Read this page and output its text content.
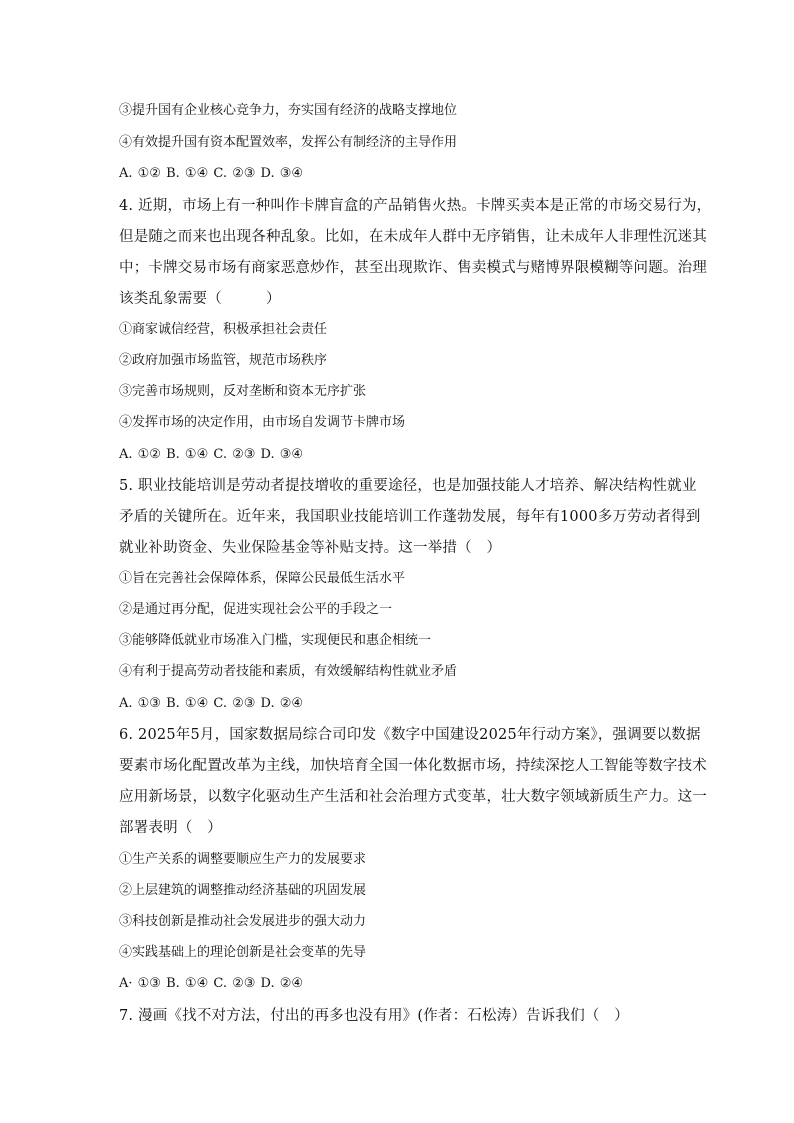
③提升国有企业核心竞争力，夯实国有经济的战略支撑地位

④有效提升国有资本配置效率，发挥公有制经济的主导作用

A. ①② B. ①④ C. ②③ D. ③④

4. 近期，市场上有一种叫作卡牌盲盒的产品销售火热。卡牌买卖本是正常的市场交易行为，

但是随之而来也出现各种乱象。比如，在未成年人群中无序销售，让未成年人非理性沉迷其

中；卡牌交易市场有商家恶意炒作，甚至出现欺诈、售卖模式与赌博界限模糊等问题。治理

该类乱象需要（　　　）

①商家诚信经营，积极承担社会责任

②政府加强市场监管，规范市场秩序

③完善市场规则，反对垄断和资本无序扩张

④发挥市场的决定作用，由市场自发调节卡牌市场

A. ①② B. ①④ C. ②③ D. ③④

5. 职业技能培训是劳动者提技增收的重要途径，也是加强技能人才培养、解决结构性就业

矛盾的关键所在。近年来，我国职业技能培训工作蓬勃发展，每年有1000多万劳动者得到

就业补助资金、失业保险基金等补贴支持。这一举措（　）

①旨在完善社会保障体系，保障公民最低生活水平

②是通过再分配，促进实现社会公平的手段之一

③能够降低就业市场准入门槛，实现便民和惠企相统一

④有利于提高劳动者技能和素质，有效缓解结构性就业矛盾

A. ①③ B. ①④ C. ②③ D. ②④

6. 2025年5月，国家数据局综合司印发《数字中国建设2025年行动方案》，强调要以数据

要素市场化配置改革为主线，加快培育全国一体化数据市场，持续深挖人工智能等数字技术

应用新场景，以数字化驱动生产生活和社会治理方式变革，壮大数字领域新质生产力。这一

部署表明（　）

①生产关系的调整要顺应生产力的发展要求

②上层建筑的调整推动经济基础的巩固发展

③科技创新是推动社会发展进步的强大动力

④实践基础上的理论创新是社会变革的先导

A· ①③ B. ①④ C. ②③ D. ②④

7. 漫画《找不对方法，付出的再多也没有用》(作者：石松涛）告诉我们（　）
